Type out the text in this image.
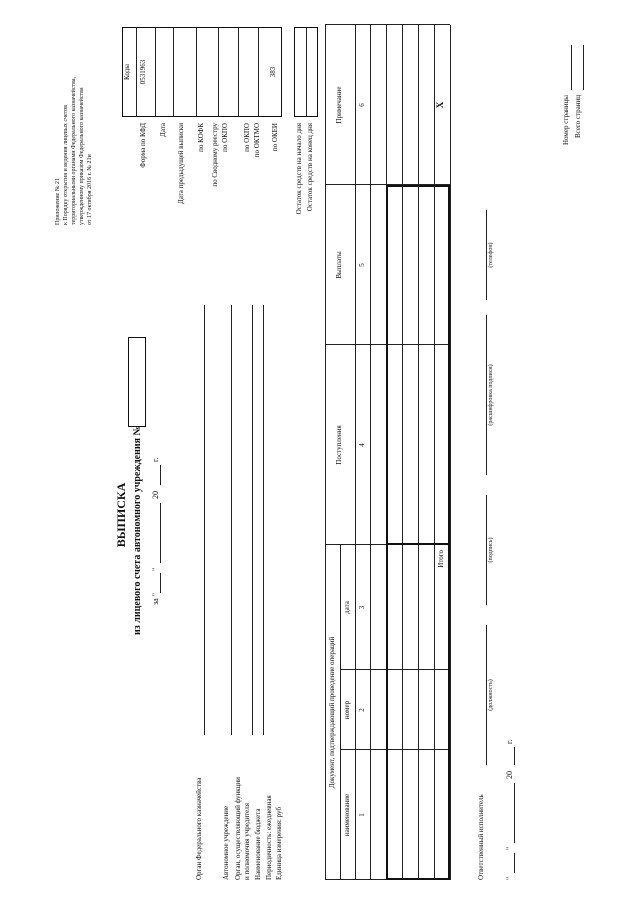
Приложение № 21 к Порядку открытия и ведения лицевых счетов территориальными органами Федерального казначейства, утвержденному приказом Федерального казначейства от 17 октября 2016 г. № 21н
ВЫПИСКА из лицевого счета автономного учреждения № за "
"
20
г.
Коды 0531963	383
Форма по КФД Дата Дата предыдущей выписки по КОФК по Сводному реестру по ОКПО по ОКПО по ОКТМО по ОКЕИ Остаток средств на начало дня Остаток средств на конец дня
Орган Федерального казначейства	Автономное учреждение Орган, осуществляющий функции и полномочия учредителя Наименование бюджета Периодичность: ежедневная Единица измерения: руб
Документ, подтверждающий проведение операций
наименование
номер
дата
Поступления
Выплаты
Примечание
1
2
3
4
5
6
Итого
X
Ответственный исполнитель
(должность)
(подпись)
(расшифровка подписи)
(телефон)
"
"
20
г.
Номер страницы Всего страниц
